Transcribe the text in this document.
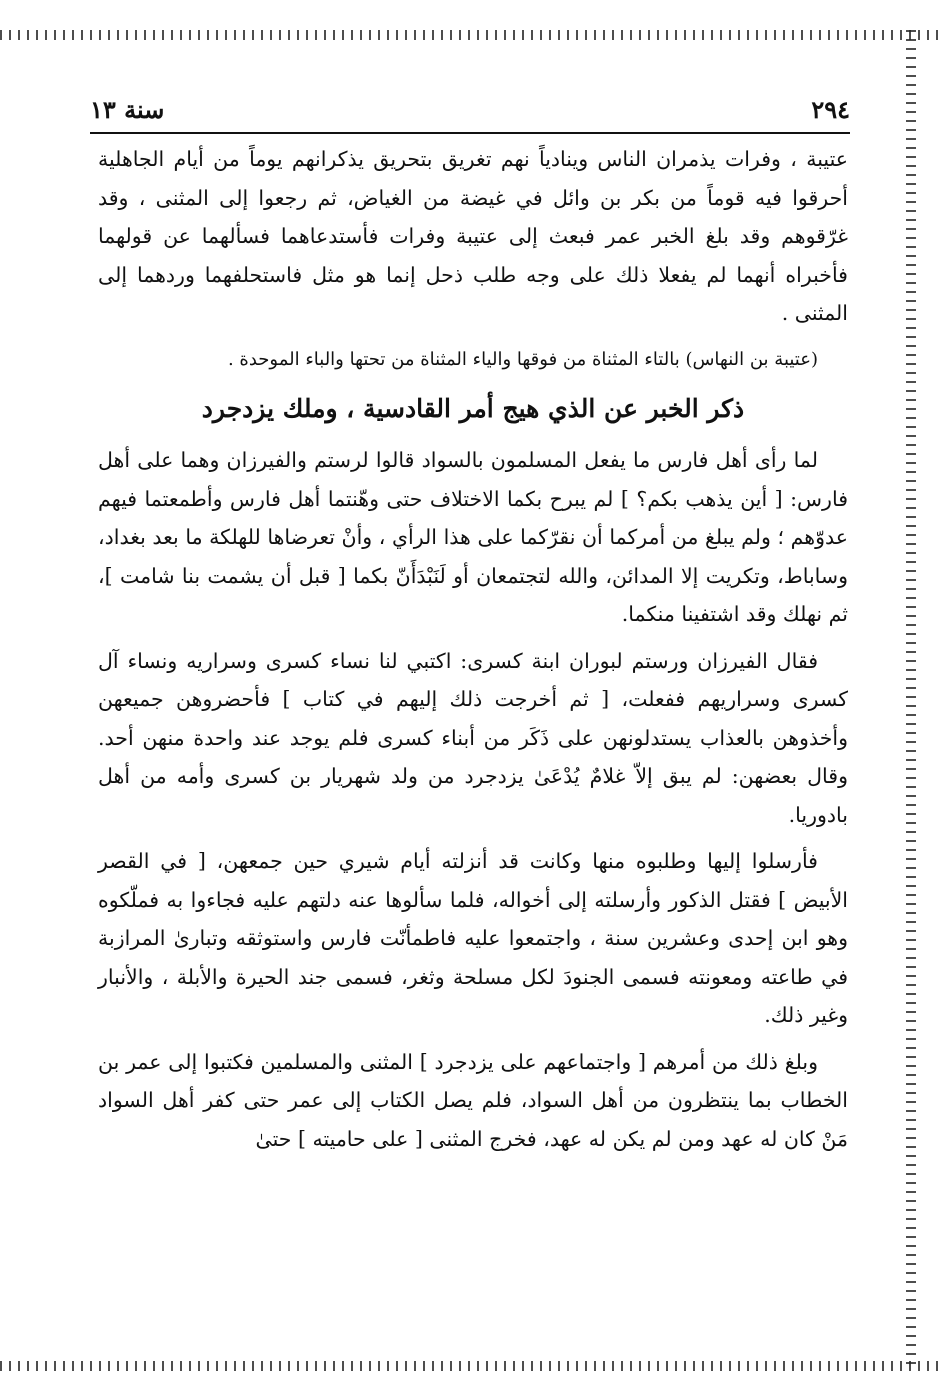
٢٩٤
سنة ١٣

عتيبة ، وفرات يذمران الناس وينادياً نهم تغريق بتحريق يذكرانهم يوماً من أيام الجاهلية أحرقوا فيه قوماً من بكر بن وائل في غيضة من الغياض، ثم رجعوا إلى المثنى ، وقد غرّقوهم وقد بلغ الخبر عمر فبعث إلى عتيبة وفرات فأستدعاهما فسألهما عن قولهما فأخبراه أنهما لم يفعلا ذلك على وجه طلب ذحل إنما هو مثل فاستحلفهما وردهما إلى المثنى .

(عتيبة بن النهاس) بالتاء المثناة من فوقها والياء المثناة من تحتها والباء الموحدة .

ذكر الخبر عن الذي هيج أمر القادسية ، وملك يزدجرد

لما رأى أهل فارس ما يفعل المسلمون بالسواد قالوا لرستم والفيرزان وهما على أهل فارس: [ أين يذهب بكم؟ ] لم يبرح بكما الاختلاف حتى وهّنتما أهل فارس وأطمعتما فيهم عدوّهم ؛ ولم يبلغ من أمركما أن نقرّكما على هذا الرأي ، وأنْ تعرضاها للهلكة ما بعد بغداد، وساباط، وتكريت إلا المدائن، والله لتجتمعان أو لَنَبْدَأَنّ بكما [ قبل أن يشمت بنا شامت ]، ثم نهلك وقد اشتفينا منكما.

فقال الفيرزان ورستم لبوران ابنة كسرى: اكتبي لنا نساء كسرى وسراريه ونساء آل كسرى وسراريهم ففعلت، [ ثم أخرجت ذلك إليهم في كتاب ] فأحضروهن جميعهن وأخذوهن بالعذاب يستدلونهن على ذَكَر من أبناء كسرى فلم يوجد عند واحدة منهن أحد. وقال بعضهن: لم يبق إلاّ غلامٌ يُدْعَىٰ يزدجرد من ولد شهريار بن كسرى وأمه من أهل بادوريا.

فأرسلوا إليها وطلبوه منها وكانت قد أنزلته أيام شيري حين جمعهن، [ في القصر الأبيض ] فقتل الذكور وأرسلته إلى أخواله، فلما سألوها عنه دلتهم عليه فجاءوا به فملّكوه وهو ابن إحدى وعشرين سنة ، واجتمعوا عليه فاطمأنّت فارس واستوثقه وتبارىٰ المرازبة في طاعته ومعونته فسمى الجنودَ لكل مسلحة وثغر، فسمى جند الحيرة والأبلة ، والأنبار وغير ذلك.

وبلغ ذلك من أمرهم [ واجتماعهم على يزدجرد ] المثنى والمسلمين فكتبوا إلى عمر بن الخطاب بما ينتظرون من أهل السواد، فلم يصل الكتاب إلى عمر حتى كفر أهل السواد مَنْ كان له عهد ومن لم يكن له عهد، فخرج المثنى [ على حاميته ] حتىٰ
